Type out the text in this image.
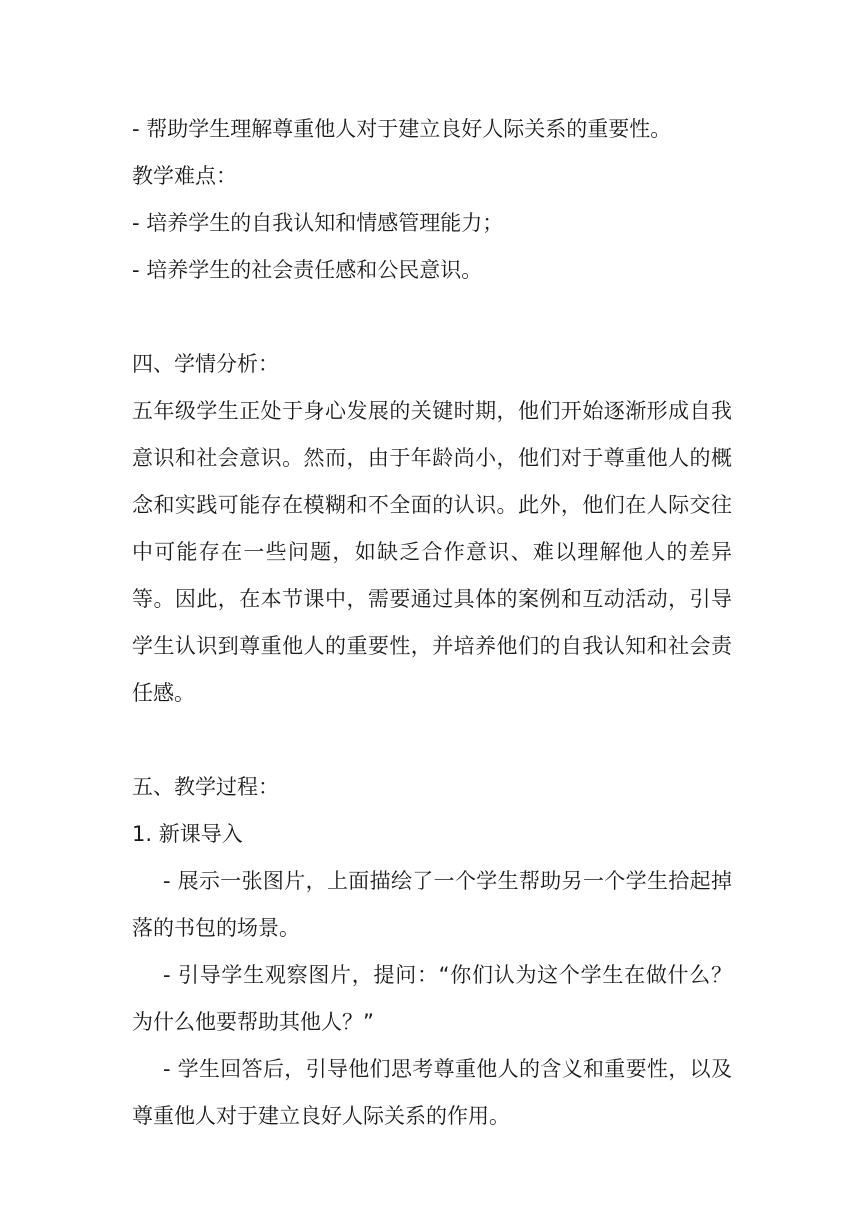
- 帮助学生理解尊重他人对于建立良好人际关系的重要性。
教学难点：
- 培养学生的自我认知和情感管理能力；
- 培养学生的社会责任感和公民意识。
四、学情分析：
五年级学生正处于身心发展的关键时期，他们开始逐渐形成自我意识和社会意识。然而，由于年龄尚小，他们对于尊重他人的概念和实践可能存在模糊和不全面的认识。此外，他们在人际交往中可能存在一些问题，如缺乏合作意识、难以理解他人的差异等。因此，在本节课中，需要通过具体的案例和互动活动，引导学生认识到尊重他人的重要性，并培养他们的自我认知和社会责任感。
五、教学过程：
1. 新课导入
- 展示一张图片，上面描绘了一个学生帮助另一个学生拾起掉落的书包的场景。
- 引导学生观察图片，提问：“你们认为这个学生在做什么？为什么他要帮助其他人？”
- 学生回答后，引导他们思考尊重他人的含义和重要性，以及尊重他人对于建立良好人际关系的作用。
